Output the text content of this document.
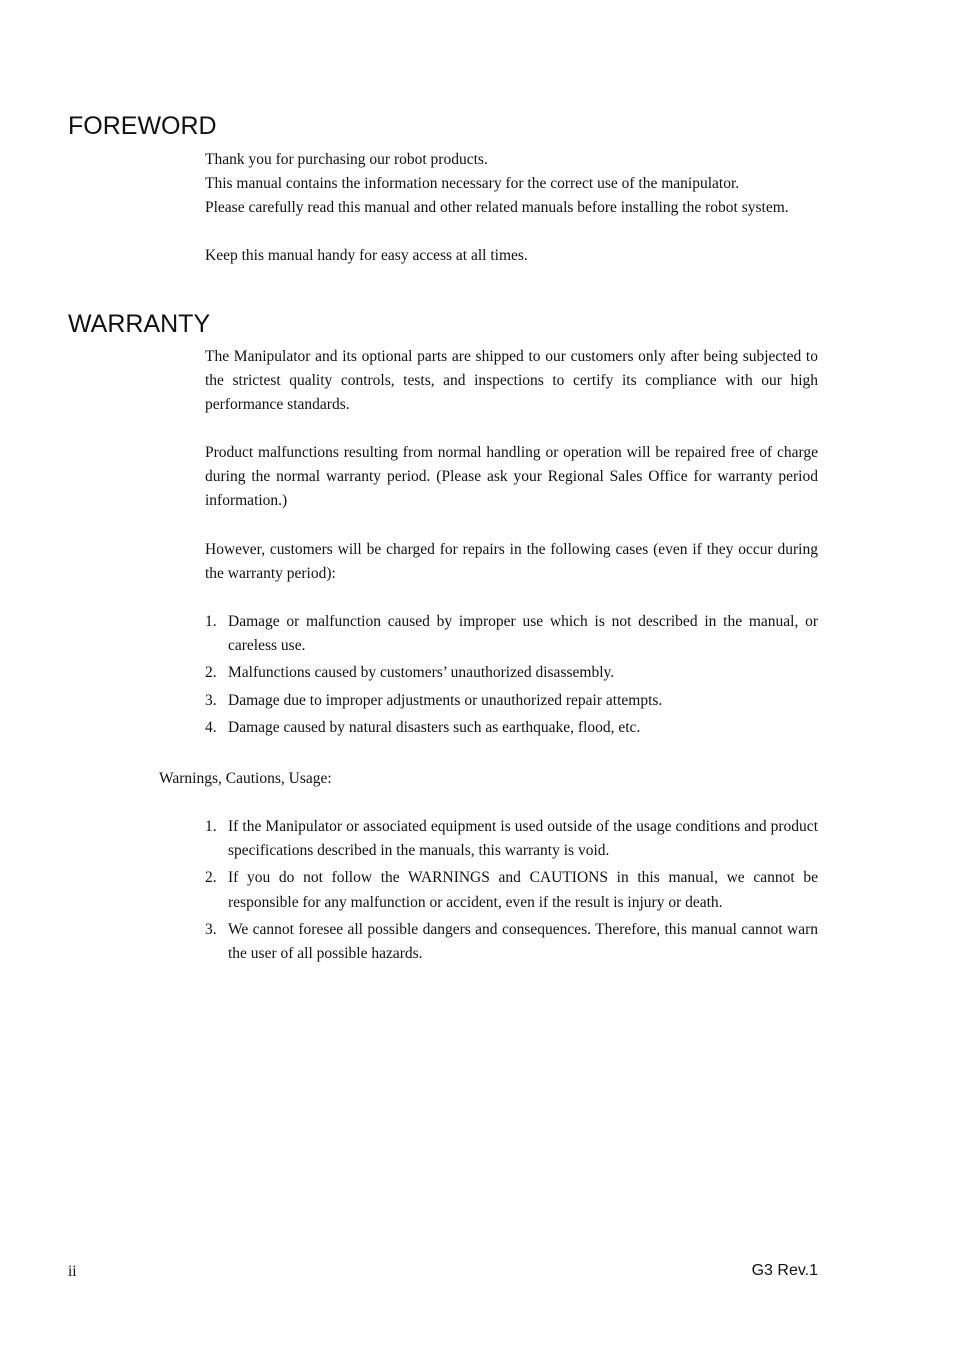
FOREWORD

Thank you for purchasing our robot products.

This manual contains the information necessary for the correct use of the manipulator.

Please carefully read this manual and other related manuals before installing the robot system.

Keep this manual handy for easy access at all times.

WARRANTY

The Manipulator and its optional parts are shipped to our customers only after being subjected to the strictest quality controls, tests, and inspections to certify its compliance with our high performance standards.

Product malfunctions resulting from normal handling or operation will be repaired free of charge during the normal warranty period. (Please ask your Regional Sales Office for warranty period information.)

However, customers will be charged for repairs in the following cases (even if they occur during the warranty period):

1. Damage or malfunction caused by improper use which is not described in the manual, or careless use.
2. Malfunctions caused by customers’ unauthorized disassembly.
3. Damage due to improper adjustments or unauthorized repair attempts.
4. Damage caused by natural disasters such as earthquake, flood, etc.

Warnings, Cautions, Usage:

1. If the Manipulator or associated equipment is used outside of the usage conditions and product specifications described in the manuals, this warranty is void.
2. If you do not follow the WARNINGS and CAUTIONS in this manual, we cannot be responsible for any malfunction or accident, even if the result is injury or death.
3. We cannot foresee all possible dangers and consequences. Therefore, this manual cannot warn the user of all possible hazards.
ii	G3 Rev.1
